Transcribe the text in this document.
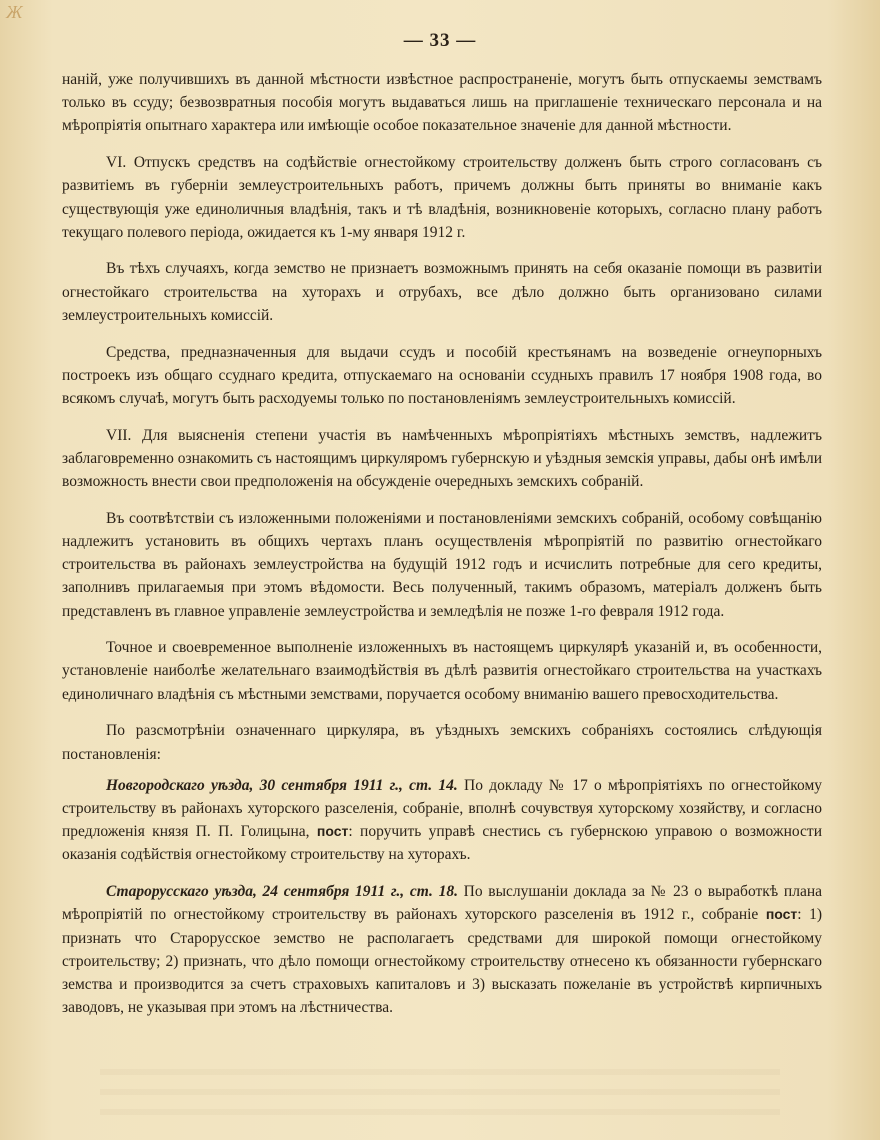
Ж
— 33 —

наній, уже получившихъ въ данной мѣстности извѣстное распространеніе, могутъ быть отпускаемы земствамъ только въ ссуду; безвозвратныя пособія могутъ выдаваться лишь на приглашеніе техническаго персонала и на мѣропріятія опытнаго характера или имѣющіе особое показательное значеніе для данной мѣстности.

VI. Отпускъ средствъ на содѣйствіе огнестойкому строительству долженъ быть строго согласованъ съ развитіемъ въ губерніи землеустроительныхъ работъ, причемъ должны быть приняты во вниманіе какъ существующія уже единоличныя владѣнія, такъ и тѣ владѣнія, возникновеніе которыхъ, согласно плану работъ текущаго полевого періода, ожидается къ 1-му января 1912 г.

Въ тѣхъ случаяхъ, когда земство не признаетъ возможнымъ принять на себя оказаніе помощи въ развитіи огнестойкаго строительства на хуторахъ и отрубахъ, все дѣло должно быть организовано силами землеустроительныхъ комиссій.

Средства, предназначенныя для выдачи ссудъ и пособій крестьянамъ на возведеніе огнеупорныхъ построекъ изъ общаго ссуднаго кредита, отпускаемаго на основаніи ссудныхъ правилъ 17 ноября 1908 года, во всякомъ случаѣ, могутъ быть расходуемы только по постановленіямъ землеустроительныхъ комиссій.

VII. Для выясненія степени участія въ намѣченныхъ мѣропріятіяхъ мѣстныхъ земствъ, надлежитъ заблаговременно ознакомить съ настоящимъ циркуляромъ губернскую и уѣздныя земскія управы, дабы онѣ имѣли возможность внести свои предположенія на обсужденіе очередныхъ земскихъ собраній.

Въ соотвѣтствіи съ изложенными положеніями и постановленіями земскихъ собраній, особому совѣщанію надлежитъ установить въ общихъ чертахъ планъ осуществленія мѣропріятій по развитію огнестойкаго строительства въ районахъ землеустройства на будущій 1912 годъ и исчислить потребные для сего кредиты, заполнивъ прилагаемыя при этомъ вѣдомости. Весь полученный, такимъ образомъ, матеріалъ долженъ быть представленъ въ главное управленіе землеустройства и земледѣлія не позже 1-го февраля 1912 года.

Точное и своевременное выполненіе изложенныхъ въ настоящемъ циркулярѣ указаній и, въ особенности, установленіе наиболѣе желательнаго взаимодѣйствія въ дѣлѣ развитія огнестойкаго строительства на участкахъ единоличнаго владѣнія съ мѣстными земствами, поручается особому вниманію вашего превосходительства.

По разсмотрѣніи означеннаго циркуляра, въ уѣздныхъ земскихъ собраніяхъ состоялись слѣдующія постановленія:

Новгородскаго уѣзда, 30 сентября 1911 г., ст. 14. По докладу № 17 о мѣропріятіяхъ по огнестойкому строительству въ районахъ хуторского разселенія, собраніе, вполнѣ сочувствуя хуторскому хозяйству, и согласно предложенія князя П. П. Голицына, пост: поручить управѣ снестись съ губернскою управою о возможности оказанія содѣйствія огнестойкому строительству на хуторахъ.

Старорусскаго уѣзда, 24 сентября 1911 г., ст. 18. По выслушаніи доклада за № 23 о выработкѣ плана мѣропріятій по огнестойкому строительству въ районахъ хуторского разселенія въ 1912 г., собраніе пост: 1) признать что Старорусское земство не располагаетъ средствами для широкой помощи огнестойкому строительству; 2) признать, что дѣло помощи огнестойкому строительству отнесено къ обязанности губернскаго земства и производится за счетъ страховыхъ капиталовъ и 3) высказать пожеланіе въ устройствѣ кирпичныхъ заводовъ, не указывая при этомъ на лѣстничества.
